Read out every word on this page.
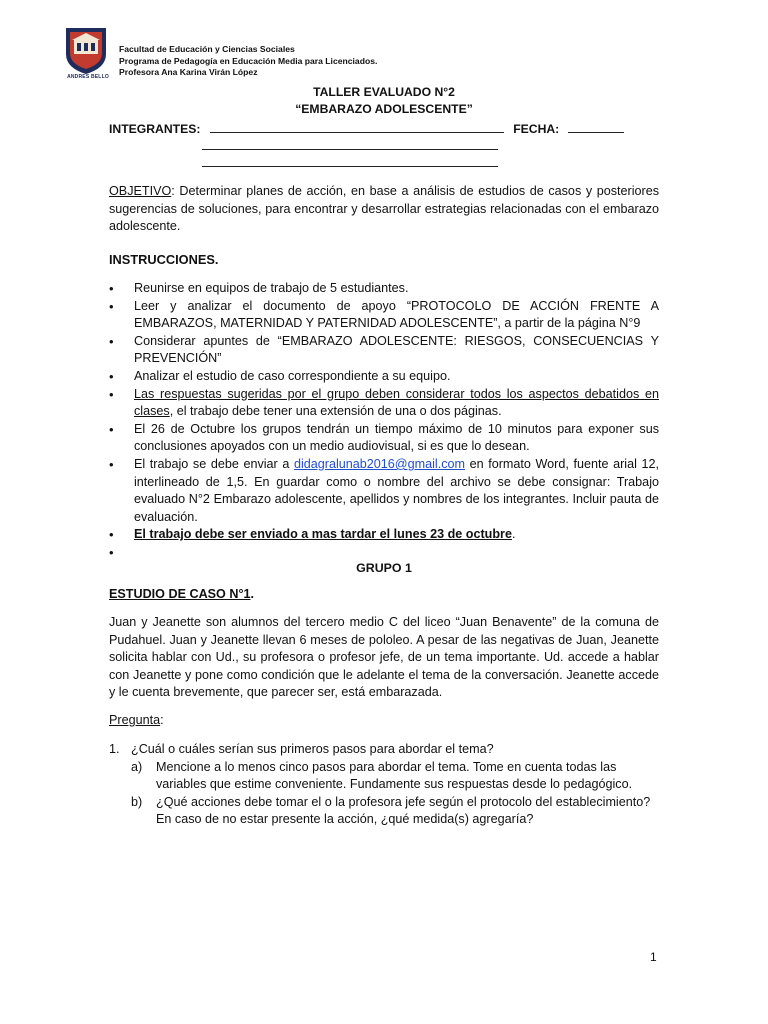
ANDRES BELLO
Facultad de Educación y Ciencias Sociales
Programa de Pedagogía en Educación Media para Licenciados.
Profesora Ana Karina Virán López
TALLER EVALUADO N°2
“EMBARAZO ADOLESCENTE”
INTEGRANTES:	FECHA:
OBJETIVO: Determinar planes de acción, en base a análisis de estudios de casos y posteriores sugerencias de soluciones, para encontrar y desarrollar estrategias relacionadas con el embarazo adolescente.
INSTRUCCIONES.
• Reunirse en equipos de trabajo de 5 estudiantes.
• Leer y analizar el documento de apoyo “PROTOCOLO DE ACCIÓN FRENTE A EMBARAZOS, MATERNIDAD Y PATERNIDAD ADOLESCENTE”, a partir de la página N°9
• Considerar apuntes de “EMBARAZO ADOLESCENTE: RIESGOS, CONSECUENCIAS Y PREVENCIÓN”
• Analizar el estudio de caso correspondiente a su equipo.
• Las respuestas sugeridas por el grupo deben considerar todos los aspectos debatidos en clases, el trabajo debe tener una extensión de una o dos páginas.
• El 26 de Octubre los grupos tendrán un tiempo máximo de 10 minutos para exponer sus conclusiones apoyados con un medio audiovisual, si es que lo desean.
• El trabajo se debe enviar a didagralunab2016@gmail.com en formato Word, fuente arial 12, interlineado de 1,5. En guardar como o nombre del archivo se debe consignar: Trabajo evaluado N°2 Embarazo adolescente, apellidos y nombres de los integrantes. Incluir pauta de evaluación.
• El trabajo debe ser enviado a mas tardar el lunes 23 de octubre.
•

GRUPO 1
ESTUDIO DE CASO N°1.
Juan y Jeanette son alumnos del tercero medio C del liceo “Juan Benavente” de la comuna de Pudahuel. Juan y Jeanette llevan 6 meses de pololeo. A pesar de las negativas de Juan, Jeanette solicita hablar con Ud., su profesora o profesor jefe, de un tema importante. Ud. accede a hablar con Jeanette y pone como condición que le adelante el tema de la conversación. Jeanette accede y le cuenta brevemente, que parecer ser, está embarazada.
Pregunta:
1. ¿Cuál o cuáles serían sus primeros pasos para abordar el tema?
a) Mencione a lo menos cinco pasos para abordar el tema. Tome en cuenta todas las variables que estime conveniente. Fundamente sus respuestas desde lo pedagógico.
b) ¿Qué acciones debe tomar el o la profesora jefe según el protocolo del establecimiento? En caso de no estar presente la acción, ¿qué medida(s) agregaría?
1
